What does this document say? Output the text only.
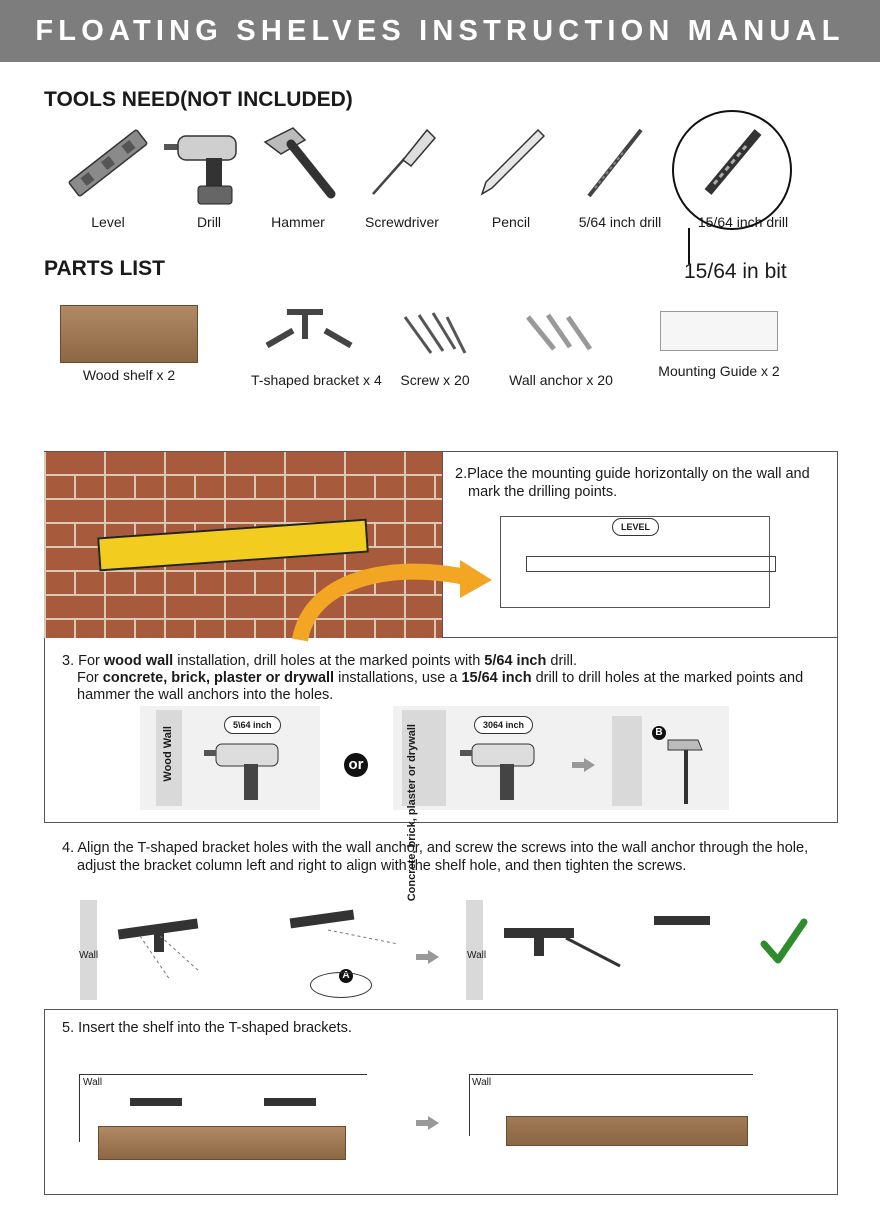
FLOATING SHELVES INSTRUCTION MANUAL
TOOLS NEED(NOT INCLUDED)
Level	Drill	Hammer	Screwdriver	Pencil	5/64 inch drill	15/64 inch drill
15/64 in bit
PARTS LIST
Wood shelf x 2	T-shaped bracket x 4 Screw x 20	Wall anchor x 20
Mounting Guide x 2
2.Place the mounting guide horizontally on the wall and
mark the drilling points.
LEVEL
3. For wood wall installation, drill holes at the marked points with 5/64 inch drill.
For concrete, brick, plaster or drywall installations, use a 15/64 inch drill to drill holes at the marked points and
hammer the wall anchors into the holes.
Wood Wall
5\64 inch
or	Concrete, brick, plaster or drywall	3064 inch
B
4. Align the T-shaped bracket holes with the wall anchor, and screw the screws into the wall anchor through the hole,
adjust the bracket column left and right to align with the shelf hole, and then tighten the screws.
Wall
A
Wall
5. Insert the shelf into the T-shaped brackets.
Wall	Wall
